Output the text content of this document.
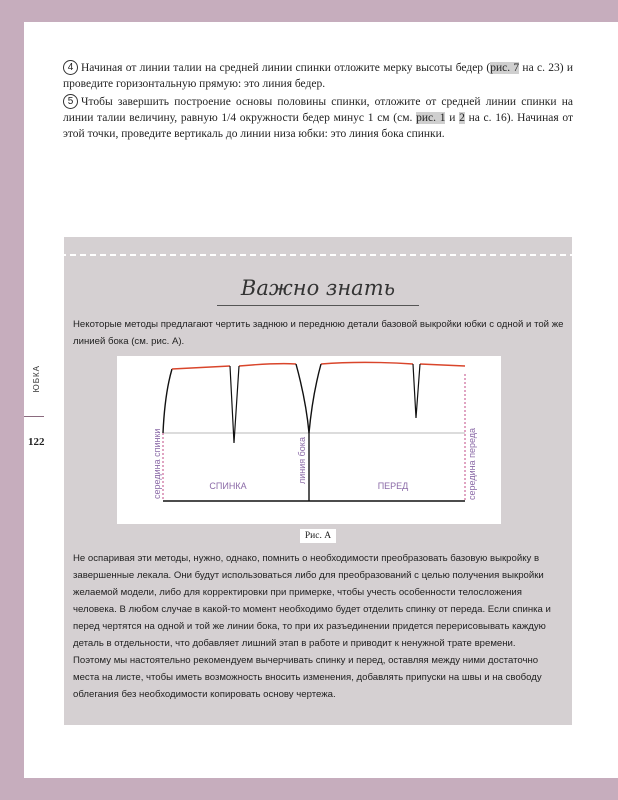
4 Начиная от линии талии на средней линии спинки отложите мерку высоты бедер (рис. 7 на с. 23) и проведите горизонтальную прямую: это линия бедер.
5 Чтобы завершить построение основы половины спинки, отложите от средней линии спинки на линии талии величину, равную 1/4 окружности бедер минус 1 см (см. рис. 1 и 2 на с. 16). Начиная от этой точки, проведите вертикаль до линии низа юбки: это линия бока спинки.
ЮБКА
122
Важно знать
Некоторые методы предлагают чертить заднюю и переднюю детали базовой выкройки юбки с одной и той же линией бока (см. рис. А).
середина спинки	линия бока	середина переда
СПИНКА	ПЕРЕД
Рис. А
Не оспаривая эти методы, нужно, однако, помнить о необходимости преобразовать базовую выкройку в завершенные лекала. Они будут использоваться либо для преобразований с целью получения выкройки желаемой модели, либо для корректировки при примерке, чтобы учесть особенности телосложения человека. В любом случае в какой-то момент необходимо будет отделить спинку от переда. Если спинка и перед чертятся на одной и той же линии бока, то при их разъединении придется перерисовывать каждую деталь в отдельности, что добавляет лишний этап в работе и приводит к ненужной трате времени.
Поэтому мы настоятельно рекомендуем вычерчивать спинку и перед, оставляя между ними достаточно места на листе, чтобы иметь возможность вносить изменения, добавлять припуски на швы и на свободу облегания без необходимости копировать основу чертежа.
